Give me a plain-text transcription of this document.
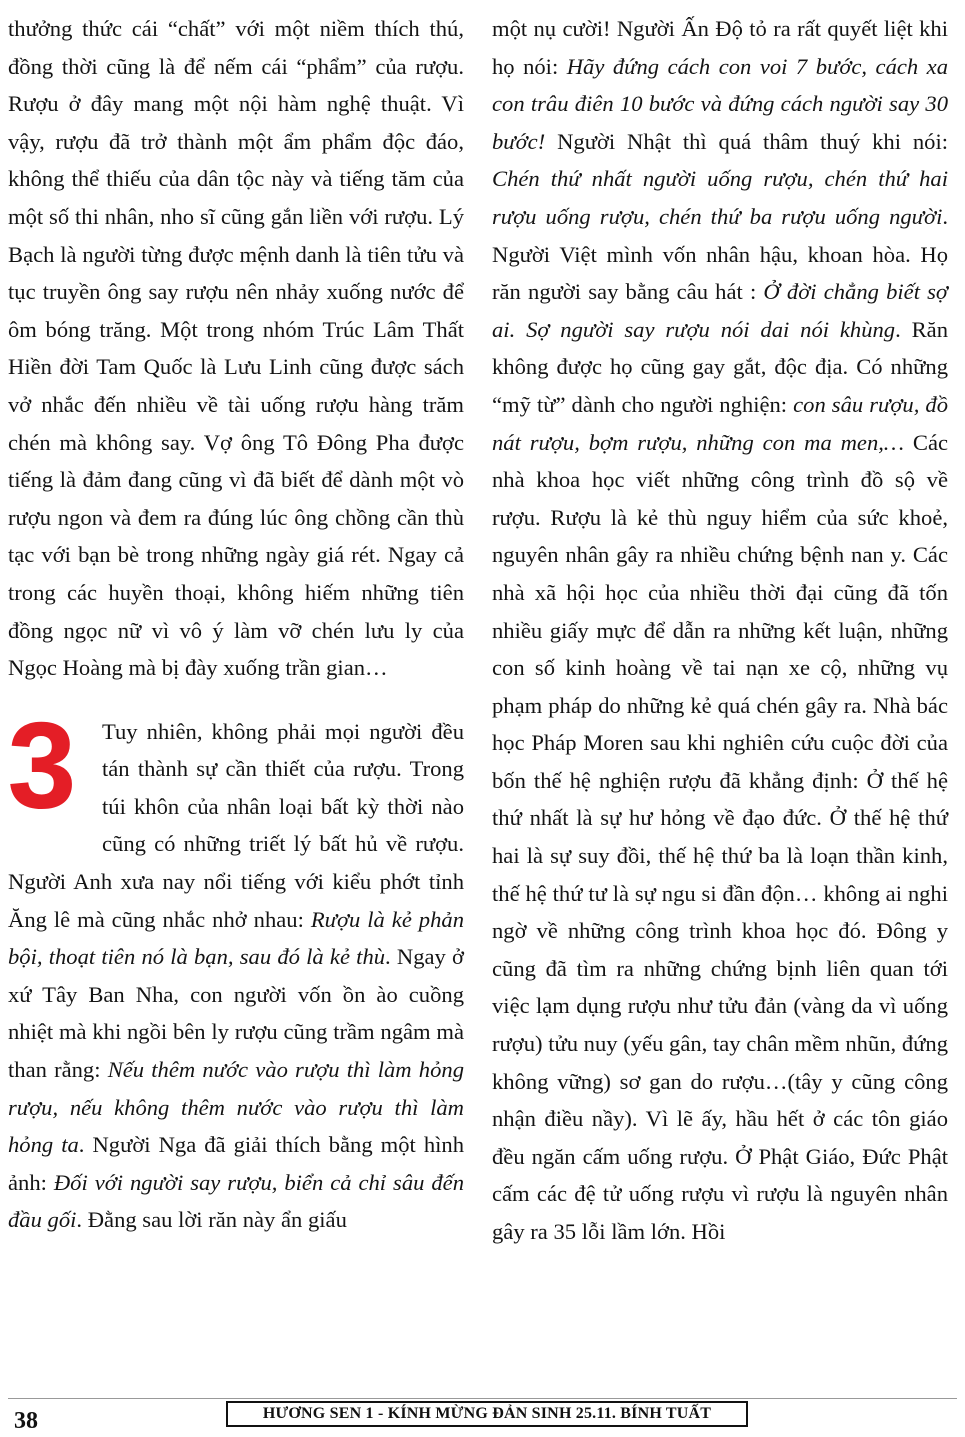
thưởng thức cái “chất” với một niềm thích thú, đồng thời cũng là để nếm cái “phẩm” của rượu. Rượu ở đây mang một nội hàm nghệ thuật. Vì vậy, rượu đã trở thành một ẩm phẩm độc đáo, không thể thiếu của dân tộc này và tiếng tăm của một số thi nhân, nho sĩ cũng gắn liền với rượu. Lý Bạch là người từng được mệnh danh là tiên tửu và tục truyền ông say rượu nên nhảy xuống nước để ôm bóng trăng. Một trong nhóm Trúc Lâm Thất Hiền đời Tam Quốc là Lưu Linh cũng được sách vở nhắc đến nhiều về tài uống rượu hàng trăm chén mà không say. Vợ ông Tô Đông Pha được tiếng là đảm đang cũng vì đã biết để dành một vò rượu ngon và đem ra đúng lúc ông chồng cần thù tạc với bạn bè trong những ngày giá rét. Ngay cả trong các huyền thoại, không hiếm những tiên đồng ngọc nữ vì vô ý làm vỡ chén lưu ly của Ngọc Hoàng mà bị đày xuống trần gian…

3	Tuy nhiên, không phải mọi người đều tán thành sự cần thiết của rượu. Trong túi khôn của nhân loại bất kỳ thời nào cũng có những triết lý bất hủ về rượu. Người Anh xưa nay nổi tiếng với kiểu phớt tỉnh Ăng lê mà cũng nhắc nhở nhau: Rượu là kẻ phản bội, thoạt tiên nó là bạn, sau đó là kẻ thù. Ngay ở xứ Tây Ban Nha, con người vốn ồn ào cuồng nhiệt mà khi ngồi bên ly rượu cũng trầm ngâm mà than rằng: Nếu thêm nước vào rượu thì làm hỏng rượu, nếu không thêm nước vào rượu thì làm hỏng ta. Người Nga đã giải thích bằng một hình ảnh: Đối với người say rượu, biển cả chỉ sâu đến đầu gối. Đằng sau lời răn này ẩn giấu

một nụ cười! Người Ấn Độ tỏ ra rất quyết liệt khi họ nói: Hãy đứng cách con voi 7 bước, cách xa con trâu điên 10 bước và đứng cách người say 30 bước! Người Nhật thì quá thâm thuý khi nói: Chén thứ nhất người uống rượu, chén thứ hai rượu uống rượu, chén thứ ba rượu uống người. Người Việt mình vốn nhân hậu, khoan hòa. Họ răn người say bằng câu hát : Ở đời chẳng biết sợ ai. Sợ người say rượu nói dai nói khùng. Răn không được họ cũng gay gắt, độc địa. Có những “mỹ từ” dành cho người nghiện: con sâu rượu, đồ nát rượu, bợm rượu, những con ma men,… Các nhà khoa học viết những công trình đồ sộ về rượu. Rượu là kẻ thù nguy hiểm của sức khoẻ, nguyên nhân gây ra nhiều chứng bệnh nan y. Các nhà xã hội học của nhiều thời đại cũng đã tốn nhiều giấy mực để dẫn ra những kết luận, những con số kinh hoàng về tai nạn xe cộ, những vụ phạm pháp do những kẻ quá chén gây ra. Nhà bác học Pháp Moren sau khi nghiên cứu cuộc đời của bốn thế hệ nghiện rượu đã khẳng định: Ở thế hệ thứ nhất là sự hư hỏng về đạo đức. Ở thế hệ thứ hai là sự suy đồi, thế hệ thứ ba là loạn thần kinh, thế hệ thứ tư là sự ngu si đần độn… không ai nghi ngờ về những công trình khoa học đó. Đông y cũng đã tìm ra những chứng bịnh liên quan tới việc lạm dụng rượu như tửu đản (vàng da vì uống rượu) tửu nuy (yếu gân, tay chân mềm nhũn, đứng không vững) sơ gan do rượu…(tây y cũng công nhận điều nầy). Vì lẽ ấy, hầu hết ở các tôn giáo đều ngăn cấm uống rượu. Ở Phật Giáo, Đức Phật cấm các đệ tử uống rượu vì rượu là nguyên nhân gây ra 35 lỗi lầm lớn. Hồi

38	HƯƠNG SEN 1 - KÍNH MỪNG ĐẢN SINH 25.11. BÍNH TUẤT
